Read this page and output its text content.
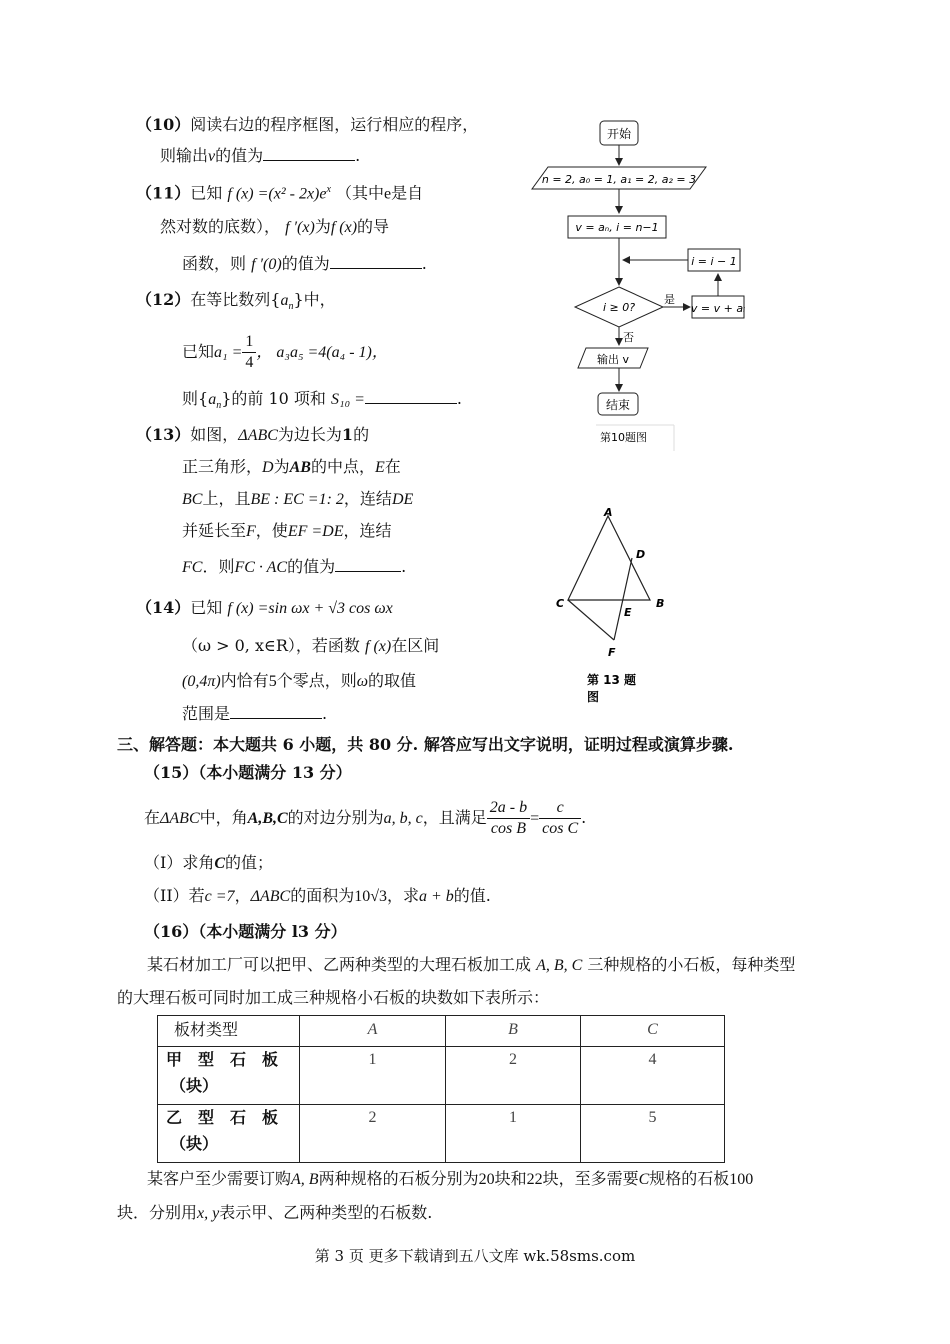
（10）阅读右边的程序框图，运行相应的程序，
则输出v的值为	.
（11）已知 f $(x) =(x^2 - 2x)e^x$ （其中e是自
然对数的底数）， f ′(x)为f (x)的导
函数，则 f ′(0)的值为	.
（12）在等比数列$\{a_n\}$中，
已知$a_1 = \frac{1}{4}$ ， a₃a₅ =4(a₄ - 1)，
则$\{a_n\}$的前 10 项和 S₁₀ =	.
（13）如图，ΔABC为边长为1的
正三角形，D为AB的中点，E在
BC上，且BE : EC =1: 2，连结DE
并延长至F，使EF =DE，连结
FC．则FC · AC的值为	.
（14）已知 f (x) =sin ωx + √3 cos ωx
（ω > 0, x∈R），若函数 f (x)在区间
(0,4π)内恰有5个零点，则ω的取值
范围是	.
三、解答题：本大题共 6 小题，共 80 分. 解答应写出文字说明，证明过程或演算步骤.
（15）（本小题满分 13 分）
在ΔABC中，角A,B,C的对边分别为a, b, c，且满足 $\frac{2a - b}{\text{cos B}} = \frac{c}{\text{cos C}}$ .
（I）求角C的值；
（II）若c =7，ΔABC的面积为10√3，求a + b的值.
（16）（本小题满分 l3 分）
某石材加工厂可以把甲、乙两种类型的大理石板加工成 A, B, C 三种规格的小石板，每种类型
的大理石板可同时加工成三种规格小石板的块数如下表所示：
板材类型	A	B	C

甲　型　石　板
（块）	1	2	4

乙　型　石　板
（块）	2	1	5
某客户至少需要订购A, B两种规格的石板分别为20块和22块，至多需要C规格的石板100
块．分别用x, y表示甲、乙两种类型的石板数.
开始
n = 2, a₀ = 1, a₁ = 2, a₂ = 3
v = aₙ, i = n−1
i ≥ 0?
是
v = v + aᵢ
i = i − 1
否
输出 v
结束
第10题图
A
B
C
D
E
F
第 13 题
图
第 3 页 更多下载请到五八文库 wk.58sms.com
